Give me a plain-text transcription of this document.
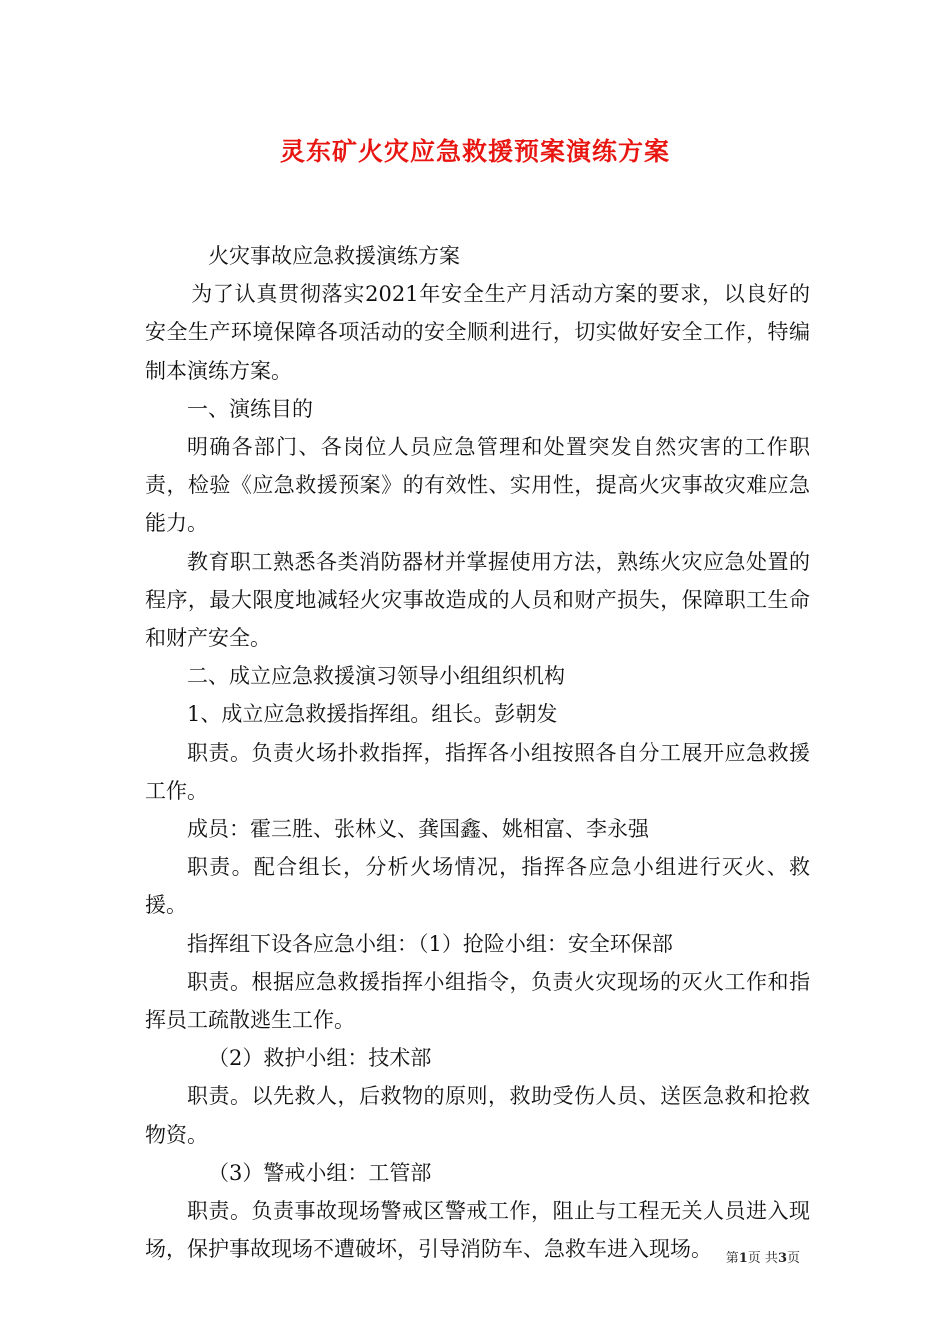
灵东矿火灾应急救援预案演练方案

火灾事故应急救援演练方案

为了认真贯彻落实2021年安全生产月活动方案的要求，以良好的安全生产环境保障各项活动的安全顺利进行，切实做好安全工作，特编制本演练方案。

一、演练目的

明确各部门、各岗位人员应急管理和处置突发自然灾害的工作职责，检验《应急救援预案》的有效性、实用性，提高火灾事故灾难应急能力。

教育职工熟悉各类消防器材并掌握使用方法，熟练火灾应急处置的程序，最大限度地减轻火灾事故造成的人员和财产损失，保障职工生命和财产安全。

二、成立应急救援演习领导小组组织机构

1、成立应急救援指挥组。组长。彭朝发

职责。负责火场扑救指挥，指挥各小组按照各自分工展开应急救援工作。

成员：霍三胜、张林义、龚国鑫、姚相富、李永强

职责。配合组长，分析火场情况，指挥各应急小组进行灭火、救援。

指挥组下设各应急小组：（1）抢险小组：安全环保部

职责。根据应急救援指挥小组指令，负责火灾现场的灭火工作和指挥员工疏散逃生工作。

（2）救护小组：技术部

职责。以先救人，后救物的原则，救助受伤人员、送医急救和抢救物资。

（3）警戒小组：工管部

职责。负责事故现场警戒区警戒工作，阻止与工程无关人员进入现场，保护事故现场不遭破坏，引导消防车、急救车进入现场。	第1页 共3页
